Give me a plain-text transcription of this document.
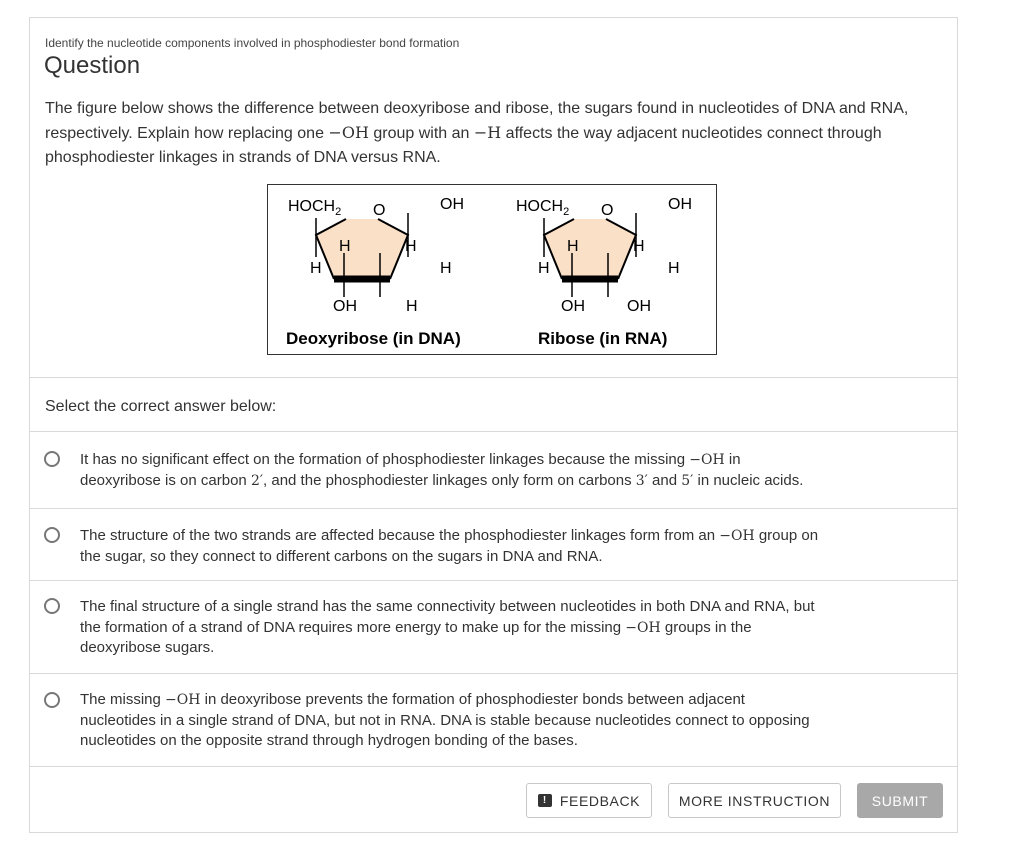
Identify the nucleotide components involved in phosphodiester bond formation
Question
The figure below shows the difference between deoxyribose and ribose, the sugars found in nucleotides of DNA and RNA,
respectively. Explain how replacing one −OH group with an −H affects the way adjacent nucleotides connect through
phosphodiester linkages in strands of DNA versus RNA.
$HOCH_2$ O	OH
H	H
H	H
OH	H
Deoxyribose (in DNA)
$HOCH_2$ O	OH
H	H
H	H
OH	OH
Ribose (in RNA)
Select the correct answer below:
It has no significant effect on the formation of phosphodiester linkages because the missing −OH in
deoxyribose is on carbon 2′, and the phosphodiester linkages only form on carbons 3′ and 5′ in nucleic acids.
The structure of the two strands are affected because the phosphodiester linkages form from an −OH group on
the sugar, so they connect to different carbons on the sugars in DNA and RNA.
The final structure of a single strand has the same connectivity between nucleotides in both DNA and RNA, but
the formation of a strand of DNA requires more energy to make up for the missing −OH groups in the
deoxyribose sugars.
The missing −OH in deoxyribose prevents the formation of phosphodiester bonds between adjacent
nucleotides in a single strand of DNA, but not in RNA. DNA is stable because nucleotides connect to opposing
nucleotides on the opposite strand through hydrogen bonding of the bases.
! FEEDBACK	MORE INSTRUCTION	SUBMIT
